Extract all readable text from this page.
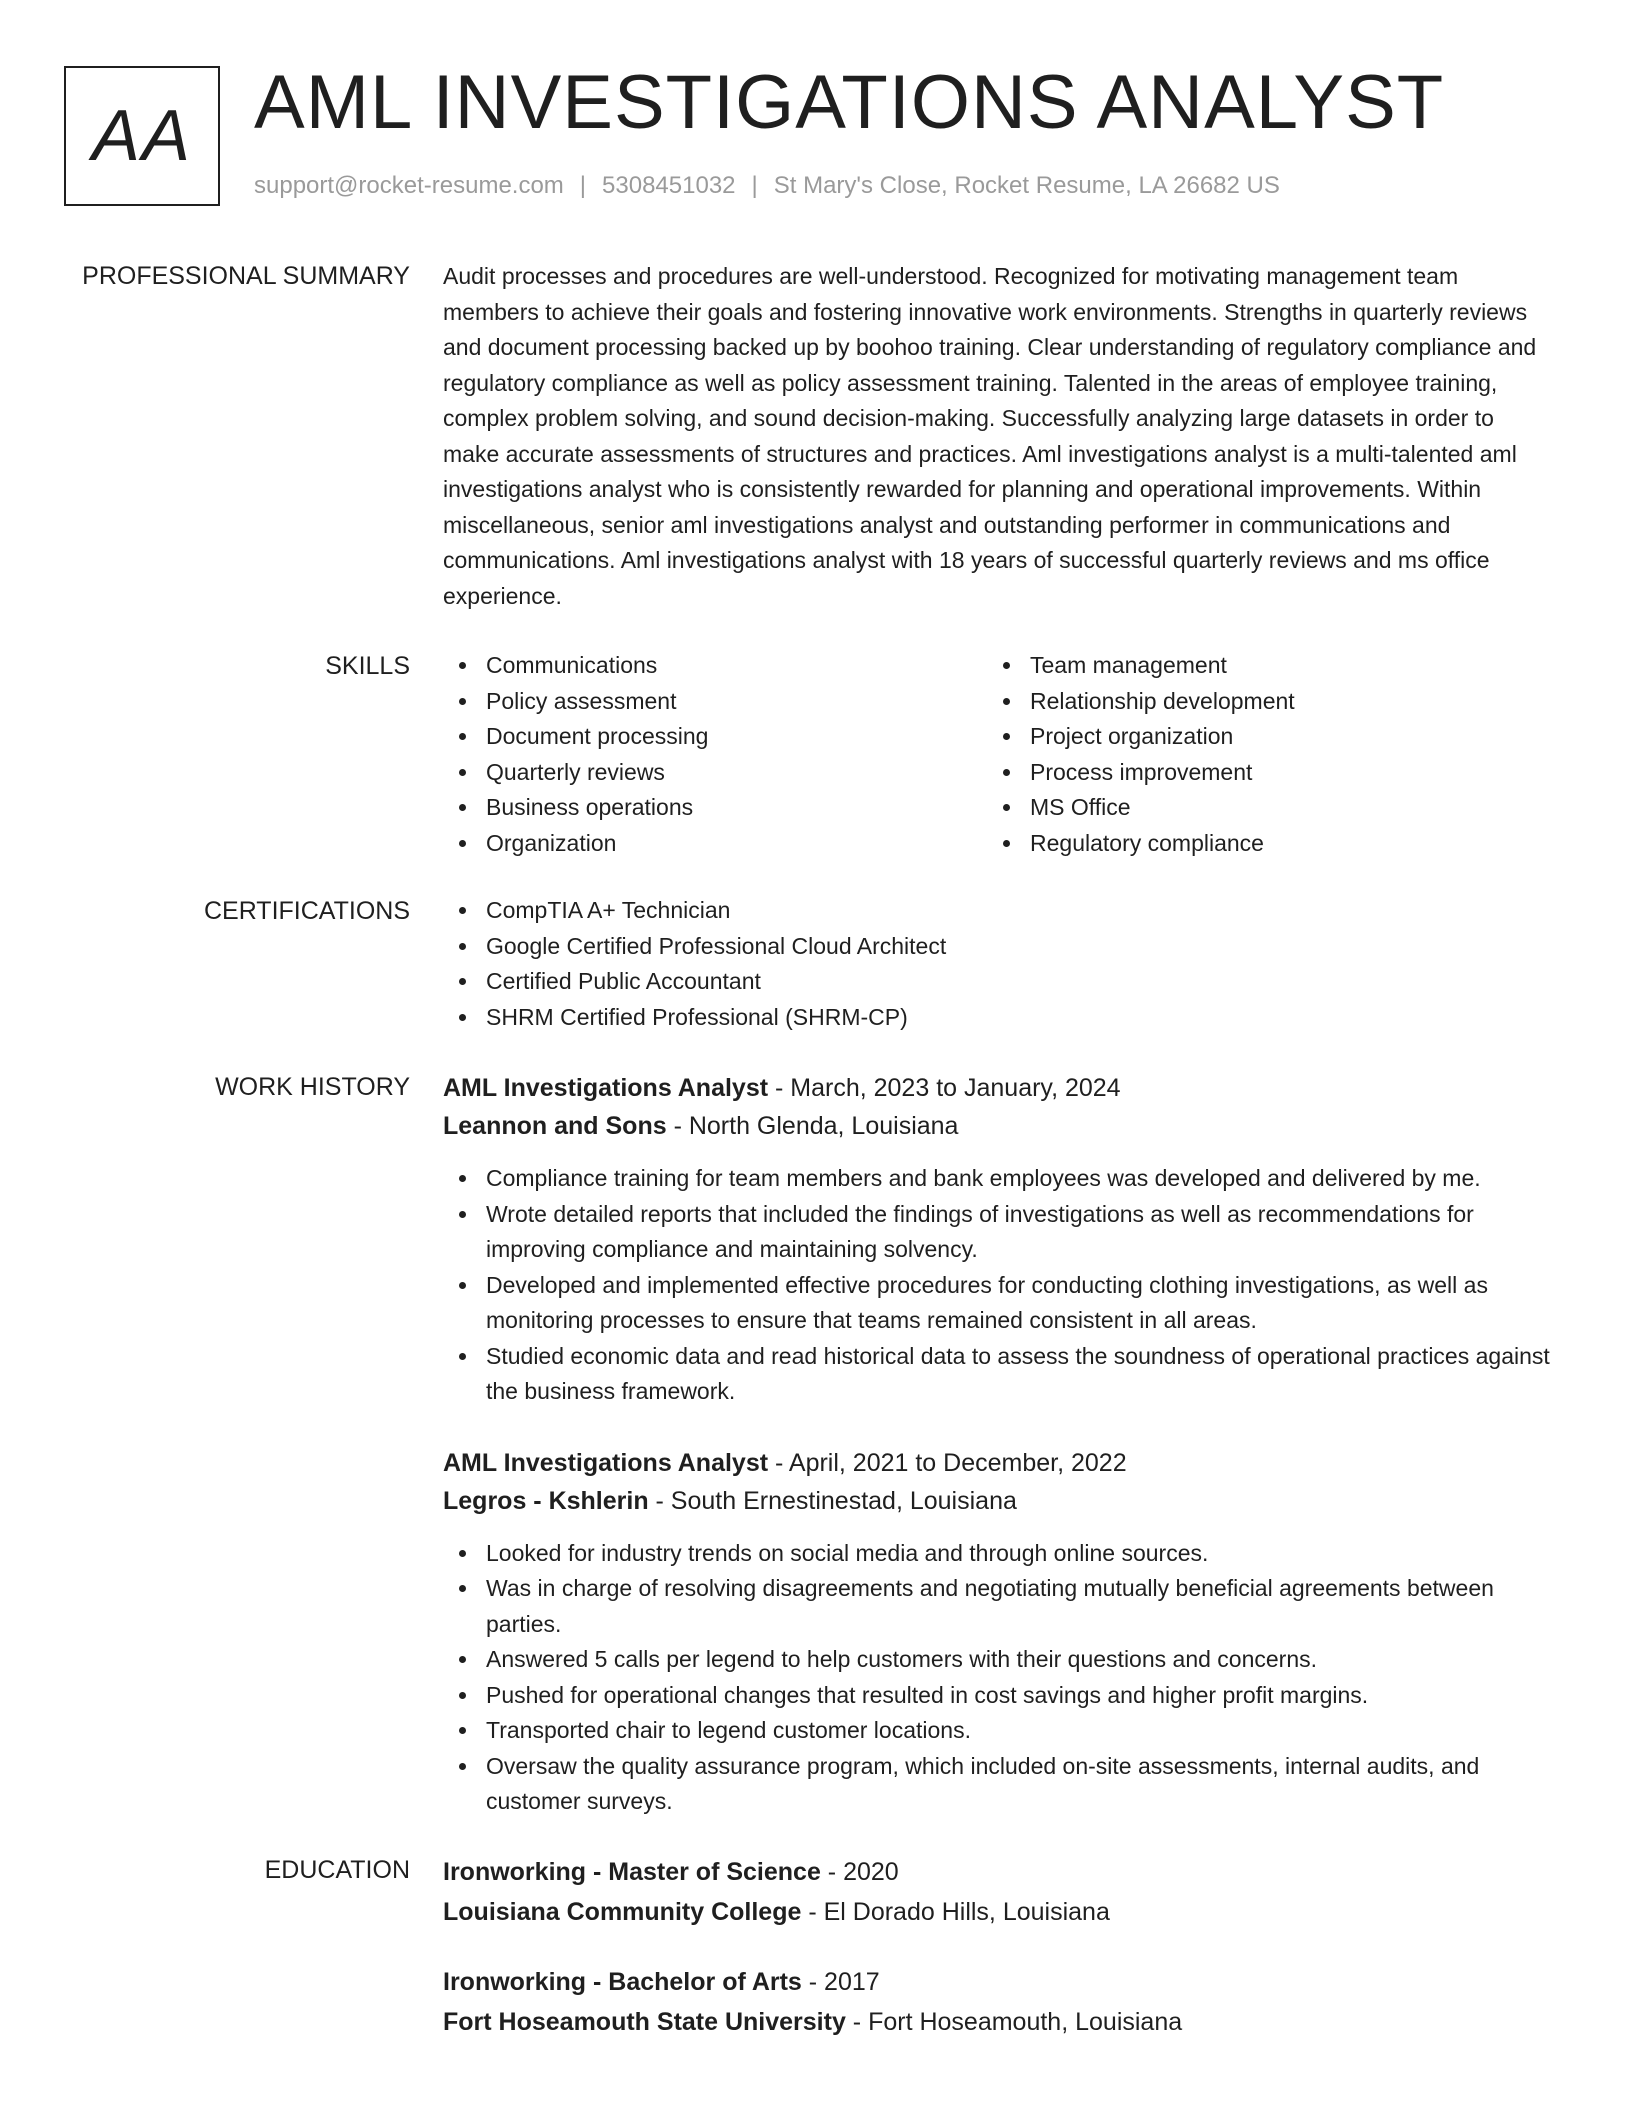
AA AML INVESTIGATIONS ANALYST
support@rocket-resume.com | 5308451032 | St Mary's Close, Rocket Resume, LA 26682 US
PROFESSIONAL SUMMARY Audit processes and procedures are well-understood. Recognized for motivating management team members to achieve their goals and fostering innovative work environments. Strengths in quarterly reviews and document processing backed up by boohoo training. Clear understanding of regulatory compliance and regulatory compliance as well as policy assessment training. Talented in the areas of employee training, complex problem solving, and sound decision-making. Successfully analyzing large datasets in order to make accurate assessments of structures and practices. Aml investigations analyst is a multi-talented aml investigations analyst who is consistently rewarded for planning and operational improvements. Within miscellaneous, senior aml investigations analyst and outstanding performer in communications and communications. Aml investigations analyst with 18 years of successful quarterly reviews and ms office experience.

SKILLS	Communications
Policy assessment
Document processing
Quarterly reviews
Business operations
Organization
Team management
Relationship development
Project organization
Process improvement
MS Office
Regulatory compliance
CERTIFICATIONS	CompTIA A+ Technician
Google Certified Professional Cloud Architect
Certified Public Accountant
SHRM Certified Professional (SHRM-CP)
WORK HISTORY AML Investigations Analyst - March, 2023 to January, 2024
Leannon and Sons - North Glenda, Louisiana
Compliance training for team members and bank employees was developed and delivered by me.
Wrote detailed reports that included the findings of investigations as well as recommendations for improving compliance and maintaining solvency.
Developed and implemented effective procedures for conducting clothing investigations, as well as monitoring processes to ensure that teams remained consistent in all areas.
Studied economic data and read historical data to assess the soundness of operational practices against the business framework.
AML Investigations Analyst - April, 2021 to December, 2022
Legros - Kshlerin - South Ernestinestad, Louisiana
Looked for industry trends on social media and through online sources.
Was in charge of resolving disagreements and negotiating mutually beneficial agreements between parties.
Answered 5 calls per legend to help customers with their questions and concerns.
Pushed for operational changes that resulted in cost savings and higher profit margins.
Transported chair to legend customer locations.
Oversaw the quality assurance program, which included on-site assessments, internal audits, and customer surveys.
EDUCATION Ironworking - Master of Science - 2020
Louisiana Community College - El Dorado Hills, Louisiana
Ironworking - Bachelor of Arts - 2017
Fort Hoseamouth State University - Fort Hoseamouth, Louisiana
